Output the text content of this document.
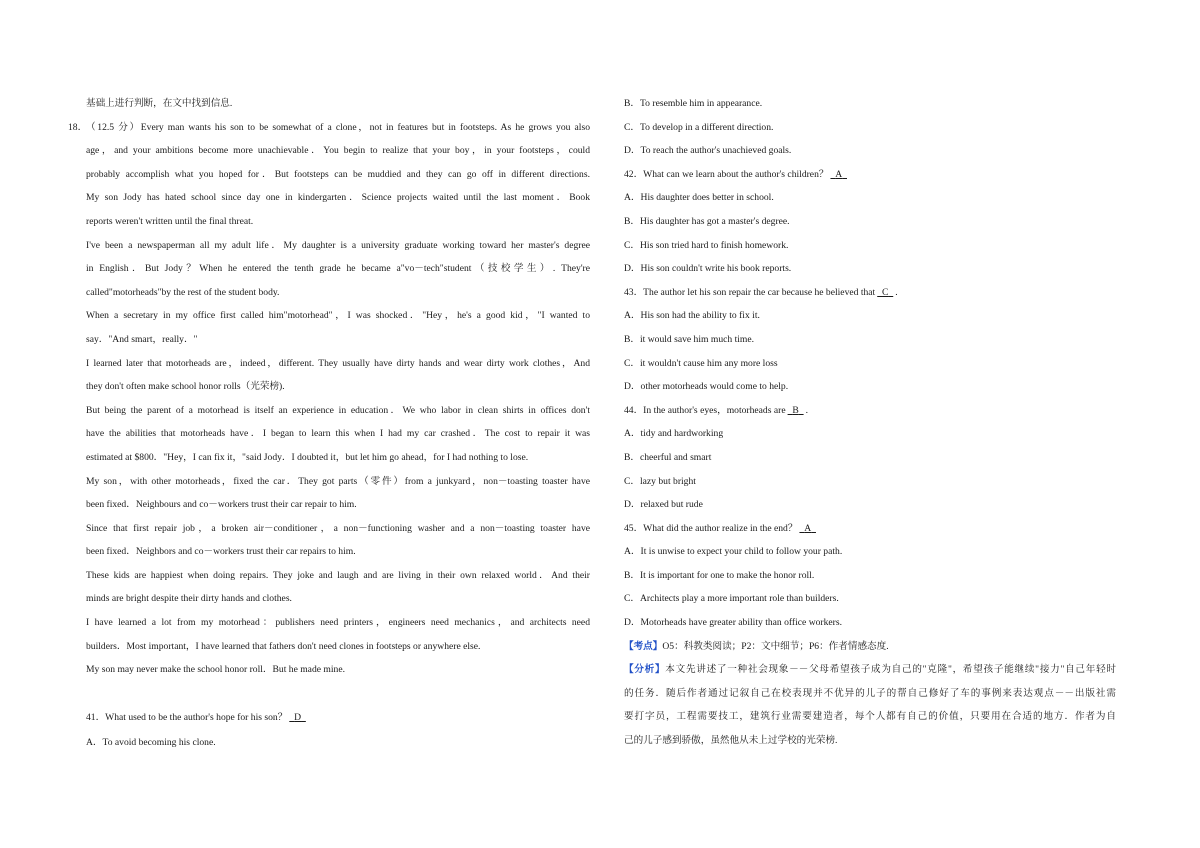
基础上进行判断，在文中找到信息.
18．
（12.5 分）Every man wants his son to be somewhat of a clone，not in features but in footsteps. As he grows you also
age，and your ambitions become more unachievable．You begin to realize that your boy，in your footsteps，could
probably accomplish what you hoped for．But footsteps can be muddied and they can go off in different directions.
My son Jody has hated school since day one in kindergarten．Science projects waited until the last moment．Book
reports weren't written until the final threat.
I've been a newspaperman all my adult life．My daughter is a university graduate working toward her master's degree
in English．But Jody？When he entered the tenth grade he became a"vo－tech"student（技校学生）. They're
called"motorheads"by the rest of the student body.
When a secretary in my office first called him"motorhead"，I was shocked．"Hey，he's a good kid，"I wanted to
say．"And smart，really．"
I learned later that motorheads are，indeed，different. They usually have dirty hands and wear dirty work clothes，And
they don't often make school honor rolls（光荣榜).
But being the parent of a motorhead is itself an experience in education．We who labor in clean shirts in offices don't
have the abilities that motorheads have．I began to learn this when I had my car crashed．The cost to repair it was
estimated at $800．"Hey，I can fix it，"said Jody．I doubted it，but let him go ahead，for I had nothing to lose.
My son，with other motorheads，fixed the car．They got parts（零件）from a junkyard，non－toasting toaster have
been fixed．Neighbours and co－workers trust their car repair to him.
Since that first repair job，a broken air－conditioner，a non－functioning washer and a non－toasting toaster have
been fixed．Neighbors and co－workers trust their car repairs to him.
These kids are happiest when doing repairs. They joke and laugh and are living in their own relaxed world．And their
minds are bright despite their dirty hands and clothes.
I have learned a lot from my motorhead：publishers need printers，engineers need mechanics，and architects need
builders．Most important，I have learned that fathers don't need clones in footsteps or anywhere else.
My son may never make the school honor roll．But he made mine.
41．What used to be the author's hope for his son？ D
A．To avoid becoming his clone.
B．To resemble him in appearance.
C．To develop in a different direction.
D．To reach the author's unachieved goals.
42．What can we learn about the author's children？ A
A．His daughter does better in school.
B．His daughter has got a master's degree.
C．His son tried hard to finish homework.
D．His son couldn't write his book reports.
43．The author let his son repair the car because he believed that C .
A．His son had the ability to fix it.
B．it would save him much time.
C．it wouldn't cause him any more loss
D．other motorheads would come to help.
44．In the author's eyes，motorheads are B .
A．tidy and hardworking
B．cheerful and smart
C．lazy but bright
D．relaxed but rude
45．What did the author realize in the end？ A
A．It is unwise to expect your child to follow your path.
B．It is important for one to make the honor roll.
C．Architects play a more important role than builders.
D．Motorheads have greater ability than office workers.
【考点】O5：科教类阅读；P2：文中细节；P6：作者情感态度.
【分析】本文先讲述了一种社会现象－－父母希望孩子成为自己的"克隆"，希望孩子能继续"接力"自己年轻时
的任务．随后作者通过记叙自己在校表现并不优异的儿子的帮自己修好了车的事例来表达观点－－出版社需
要打字员，工程需要技工，建筑行业需要建造者，每个人都有自己的价值，只要用在合适的地方．作者为自
己的儿子感到骄傲，虽然他从未上过学校的光荣榜.
